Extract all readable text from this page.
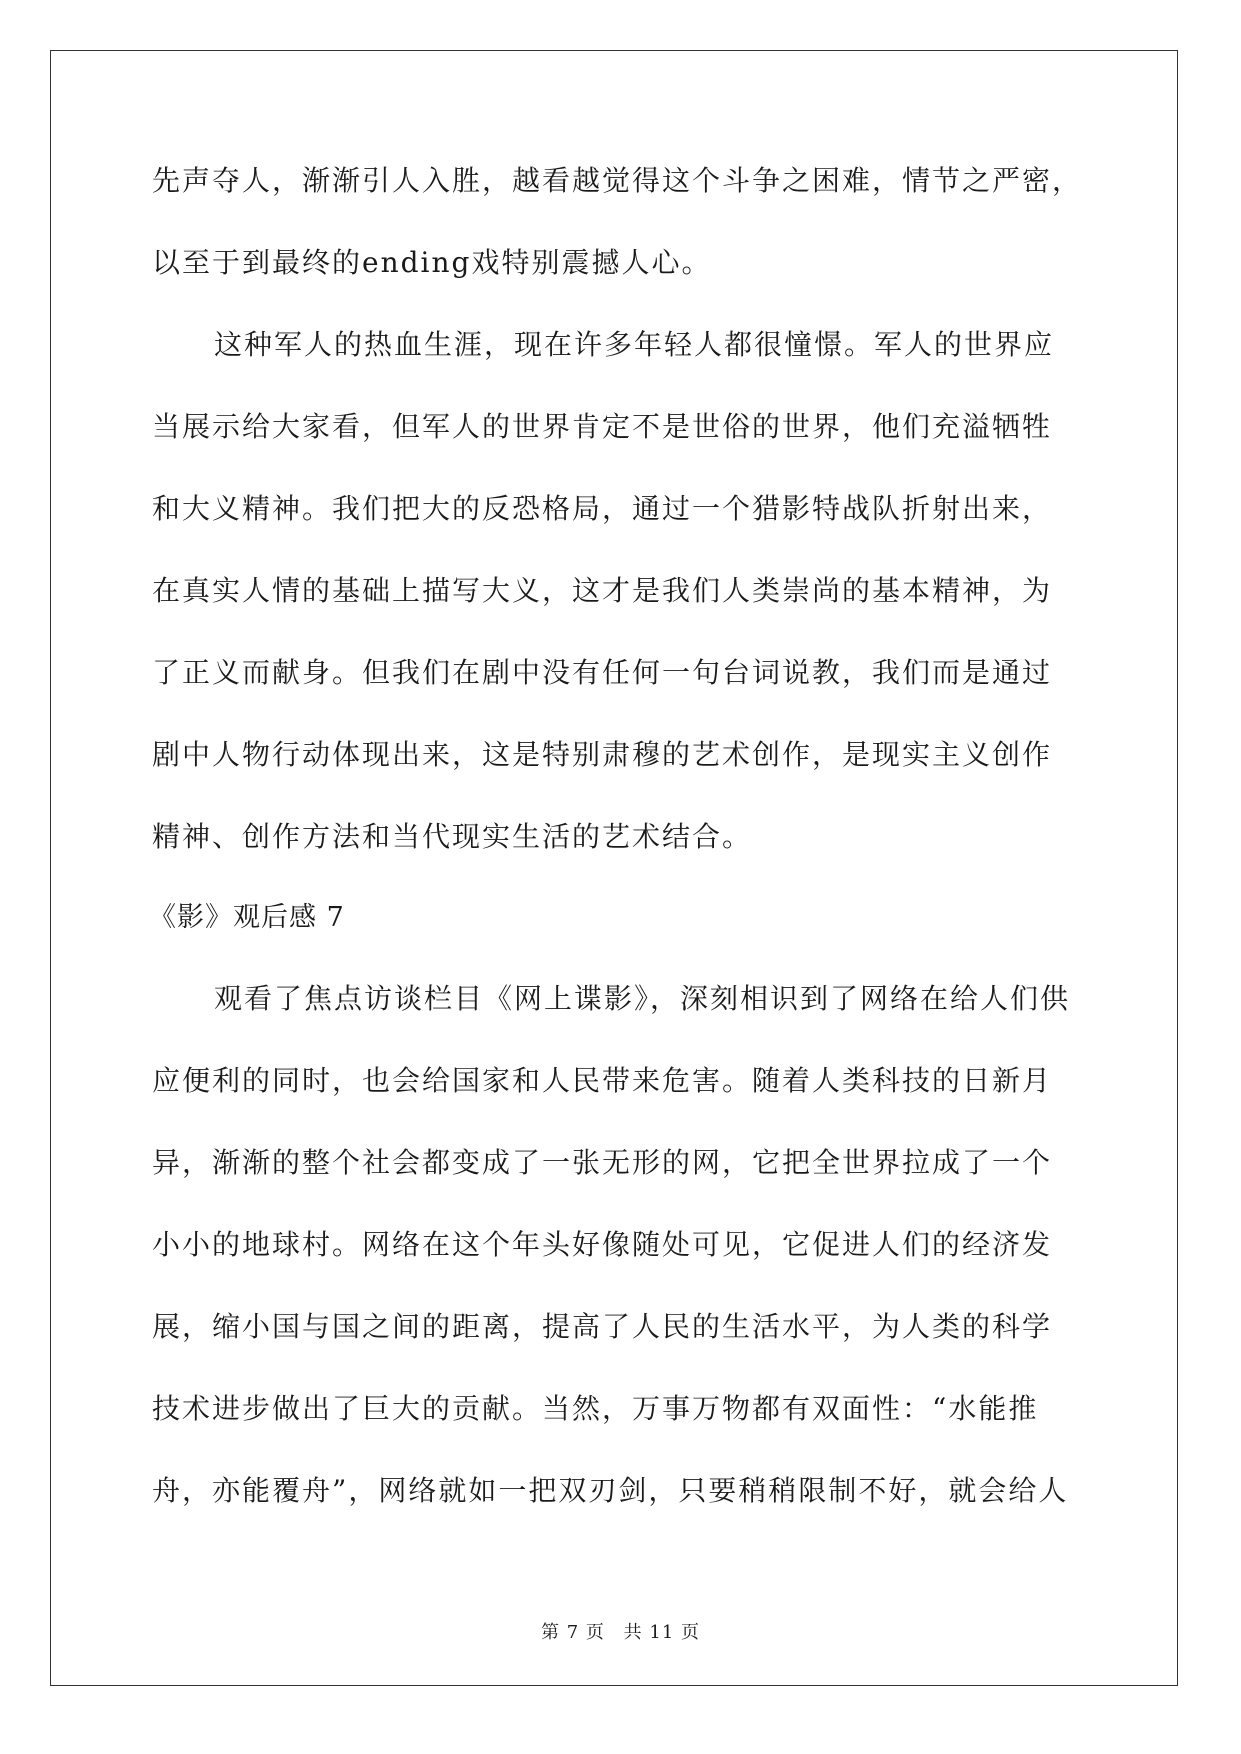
先声夺人，渐渐引人入胜，越看越觉得这个斗争之困难，情节之严密，
以至于到最终的ending戏特别震撼人心。
这种军人的热血生涯，现在许多年轻人都很憧憬。军人的世界应
当展示给大家看，但军人的世界肯定不是世俗的世界，他们充溢牺牲
和大义精神。我们把大的反恐格局，通过一个猎影特战队折射出来，
在真实人情的基础上描写大义，这才是我们人类崇尚的基本精神，为
了正义而献身。但我们在剧中没有任何一句台词说教，我们而是通过
剧中人物行动体现出来，这是特别肃穆的艺术创作，是现实主义创作
精神、创作方法和当代现实生活的艺术结合。
《影》观后感 7
观看了焦点访谈栏目《网上谍影》，深刻相识到了网络在给人们供
应便利的同时，也会给国家和人民带来危害。随着人类科技的日新月
异，渐渐的整个社会都变成了一张无形的网，它把全世界拉成了一个
小小的地球村。网络在这个年头好像随处可见，它促进人们的经济发
展，缩小国与国之间的距离，提高了人民的生活水平，为人类的科学
技术进步做出了巨大的贡献。当然，万事万物都有双面性：“水能推
舟，亦能覆舟”，网络就如一把双刃剑，只要稍稍限制不好，就会给人
第 7 页 共 11 页
